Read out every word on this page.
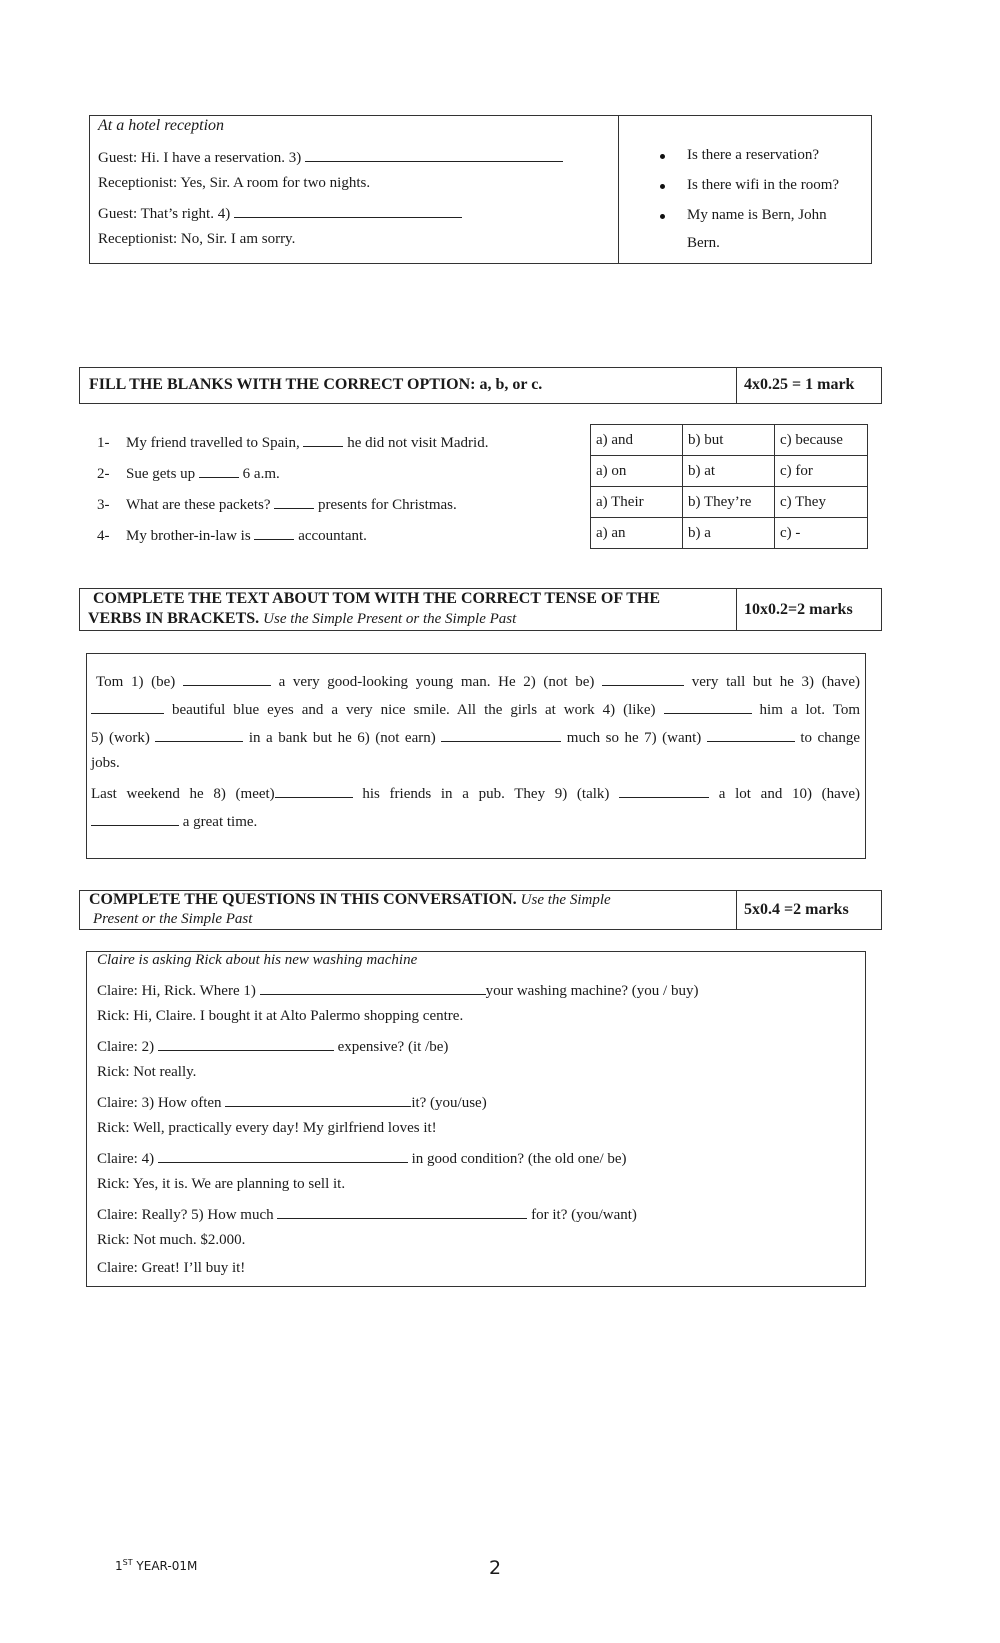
At a hotel reception
Guest: Hi. I have a reservation. 3)
Receptionist: Yes, Sir. A room for two nights.
Guest: That’s right. 4)
Receptionist: No, Sir. I am sorry.
Is there a reservation?
Is there wifi in the room?
My name is Bern, John
Bern.
FILL THE BLANKS WITH THE CORRECT OPTION: a, b, or c.	4x0.25 = 1 mark
1- My friend travelled to Spain,	he did not visit Madrid.
2- Sue gets up	6 a.m.
3- What are these packets?	presents for Christmas.
4- My brother-in-law is	accountant.
a) and	b) but	c) because
a) on	b) at	c) for
a) Their	b) They’re	c) They
a) an	b) a	c) -
COMPLETE THE TEXT ABOUT TOM WITH THE CORRECT TENSE OF THE
VERBS IN BRACKETS. Use the Simple Present or the Simple Past
10x0.2=2 marks
Tom 1) (be)	a very good-looking young man. He 2) (not be)	very tall but he 3) (have)
beautiful blue eyes and a very nice smile. All the girls at work 4) (like)	him a lot. Tom
5) (work)	in a bank but he 6) (not earn)	much so he 7) (want)	to change
jobs.
Last weekend he 8) (meet)	his friends in a pub. They 9) (talk)	a lot and 10) (have)
a great time.
COMPLETE THE QUESTIONS IN THIS CONVERSATION. Use the Simple
Present or the Simple Past
5x0.4 =2 marks
Claire is asking Rick about his new washing machine
Claire: Hi, Rick. Where 1)	your washing machine? (you / buy)
Rick: Hi, Claire. I bought it at Alto Palermo shopping centre.
Claire: 2)	expensive? (it /be)
Rick: Not really.
Claire: 3) How often	it? (you/use)
Rick: Well, practically every day! My girlfriend loves it!
Claire: 4)	in good condition? (the old one/ be)
Rick: Yes, it is. We are planning to sell it.
Claire: Really? 5) How much	for it? (you/want)
Rick: Not much. $2.000.
Claire: Great! I’ll buy it!
1ST YEAR-01M	2
